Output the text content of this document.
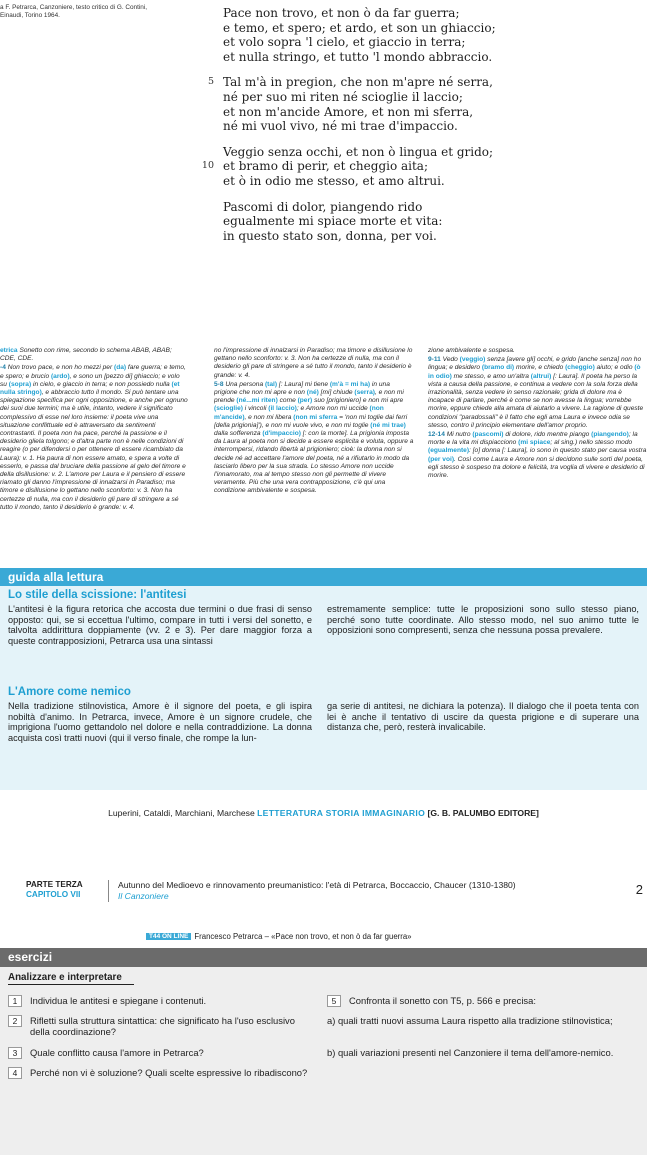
a F. Petrarca, Canzoniere, testo critico di G. Contini, Einaudi, Torino 1964.	Pace non trovo, et non ò da far guerra;
e temo, et spero; et ardo, et son un ghiaccio;
et volo sopra 'l cielo, et giaccio in terra;
et nulla stringo, et tutto 'l mondo abbraccio.
5 Tal m'à in pregion, che non m'apre né serra,
né per suo mi riten né scioglie il laccio;
et non m'ancide Amore, et non mi sferra,
né mi vuol vivo, né mi trae d'impaccio.
Veggio senza occhi, et non ò lingua et grido;
10 et bramo di perir, et cheggio aita;
et ò in odio me stesso, et amo altrui.
Pascomi di dolor, piangendo rido
egualmente mi spiace morte et vita:
in questo stato son, donna, per voi.

etrica Sonetto con rime, secondo lo schema ABAB, ABAB; CDE, CDE.

-4 Non trovo pace, e non ho mezzi per (da) fare guerra; e temo, e spero; e brucio (ardo), e sono un [pezzo di] ghiaccio; e volo su (sopra) in cielo, e giaccio in terra; e non possiedo nulla (et nulla stringo), e abbraccio tutto il mondo. Si può tentare una spiegazione specifica per ogni opposizione, e anche per ognuno dei suoi due termini; ma è utile, intanto, vedere il significato complessivo di esse nel loro insieme: il poeta vive una situazione conflittuale ed è attraversato da sentimenti contrastanti. Il poeta non ha pace, perché la passione e il desiderio gliela tolgono; e d'altra parte non è nelle condizioni di reagire (o per difendersi o per ottenere di essere ricambiato da Laura): v. 1. Ha paura di non essere amato, e spera a volte di esserlo, e passa dal bruciare della passione al gelo del timore e della disillusione: v. 2. L'amore per Laura e il pensiero di essere riamato gli danno l'impressione di innalzarsi in Paradiso; ma timore e disillusione lo gettano nello sconforto: v. 3. Non ha certezze di nulla, ma con il desiderio gli pare di stringere a sé tutto il mondo, tanto il desiderio è grande: v. 4.

no l'impressione di innalzarsi in Paradiso; ma timore e disillusione lo gettano nello sconforto: v. 3. Non ha certezze di nulla, ma con il desiderio gli pare di stringere a sé tutto il mondo, tanto il desiderio è grande: v. 4.

5-8 Una persona (tal) [: Laura] mi tiene (m'à = mi ha) in una prigione che non mi apre e non (né) [mi] chiude (serra), e non mi prende (né...mi riten) come (per) suo [prigioniero] e non mi apre (scioglie) i vincoli (il laccio); e Amore non mi uccide (non m'ancide), e non mi libera (non mi sferra = 'non mi toglie dai ferri [della prigionia]'), e non mi vuole vivo, e non mi toglie (né mi trae) dalla sofferenza (d'impaccio) [: con la morte]. La prigionia imposta da Laura al poeta non si decide a essere esplicita e voluta, oppure a interrompersi, ridando libertà al prigioniero; cioè: la donna non si decide né ad accettare l'amore del poeta, né a rifiutarlo in modo da lasciarlo libero per la sua strada. Lo stesso Amore non uccide l'innamorato, ma al tempo stesso non gli permette di vivere veramente. Più che una vera contrapposizione, c'è qui una condizione ambivalente e sospesa.

zione ambivalente e sospesa.

9-11 Vedo (veggio) senza [avere gli] occhi, e grido [anche senza] non ho lingua; e desidero (bramo di) morire, e chiedo (cheggio) aiuto; e odio (ò in odio) me stesso, e amo un'altra (altrui) [: Laura]. Il poeta ha perso la vista a causa della passione, e continua a vedere con la sola forza della irrazionalità, senza vedere in senso razionale; grida di dolore ma è incapace di parlare, perché è come se non avesse la lingua; vorrebbe morire, eppure chiede alla amata di aiutarlo a vivere. La ragione di queste condizioni "paradossali" è il fatto che egli ama Laura e invece odia se stesso, contro il principio elementare dell'amor proprio.

12-14 Mi nutro (pascomi) di dolore, rido mentre piango (piangendo); la morte e la vita mi dispiacciono (mi spiace; al sing.) nello stesso modo (egualmente): [o] donna [: Laura], io sono in questo stato per causa vostra (per voi). Così come Laura e Amore non si decidono sulle sorti del poeta, egli stesso è sospeso tra dolore e felicità, tra voglia di vivere e desiderio di morire.

guida alla lettura
Lo stile della scissione: l'antitesi
L'antitesi è la figura retorica che accosta due termini o due frasi di senso opposto: qui, se si eccettua l'ultimo, compare in tutti i versi del sonetto, e talvolta addirittura doppiamente (vv. 2 e 3). Per dare maggior forza a queste contrapposizioni, Petrarca usa una sintassi
estremamente semplice: tutte le proposizioni sono sullo stesso piano, perché sono tutte coordinate. Allo stesso modo, nel suo animo tutte le opposizioni sono compresenti, senza che nessuna possa prevalere.
L'Amore come nemico
Nella tradizione stilnovistica, Amore è il signore del poeta, e gli ispira nobiltà d'animo. In Petrarca, invece, Amore è un signore crudele, che imprigiona l'uomo gettandolo nel dolore e nella contraddizione. La donna acquista così tratti nuovi (qui il verso finale, che rompe la lun-
ga serie di antitesi, ne dichiara la potenza). Il dialogo che il poeta tenta con lei è anche il tentativo di uscire da questa prigione e di superare una distanza che, però, resterà invalicabile.
Luperini, Cataldi, Marchiani, Marchese LETTERATURA STORIA IMMAGINARIO [G. B. PALUMBO EDITORE]
PARTE TERZA
CAPITOLO VII
Autunno del Medioevo e rinnovamento preumanistico: l'età di Petrarca, Boccaccio, Chaucer (1310-1380)
Il Canzoniere	2
T44 ON LINE Francesco Petrarca – «Pace non trovo, et non ò da far guerra»
esercizi
Analizzare e interpretare
1	Individua le antitesi e spiegane i contenuti.
2	Rifletti sulla struttura sintattica: che significato ha l'uso esclusivo della coordinazione?
3	Quale conflitto causa l'amore in Petrarca?
4	Perché non vi è soluzione? Quali scelte espressive lo ribadiscono?
5	Confronta il sonetto con T5, p. 566 e precisa:
a) quali tratti nuovi assuma Laura rispetto alla tradizione stilnovistica;
b) quali variazioni presenti nel Canzoniere il tema dell'amore-nemico.
